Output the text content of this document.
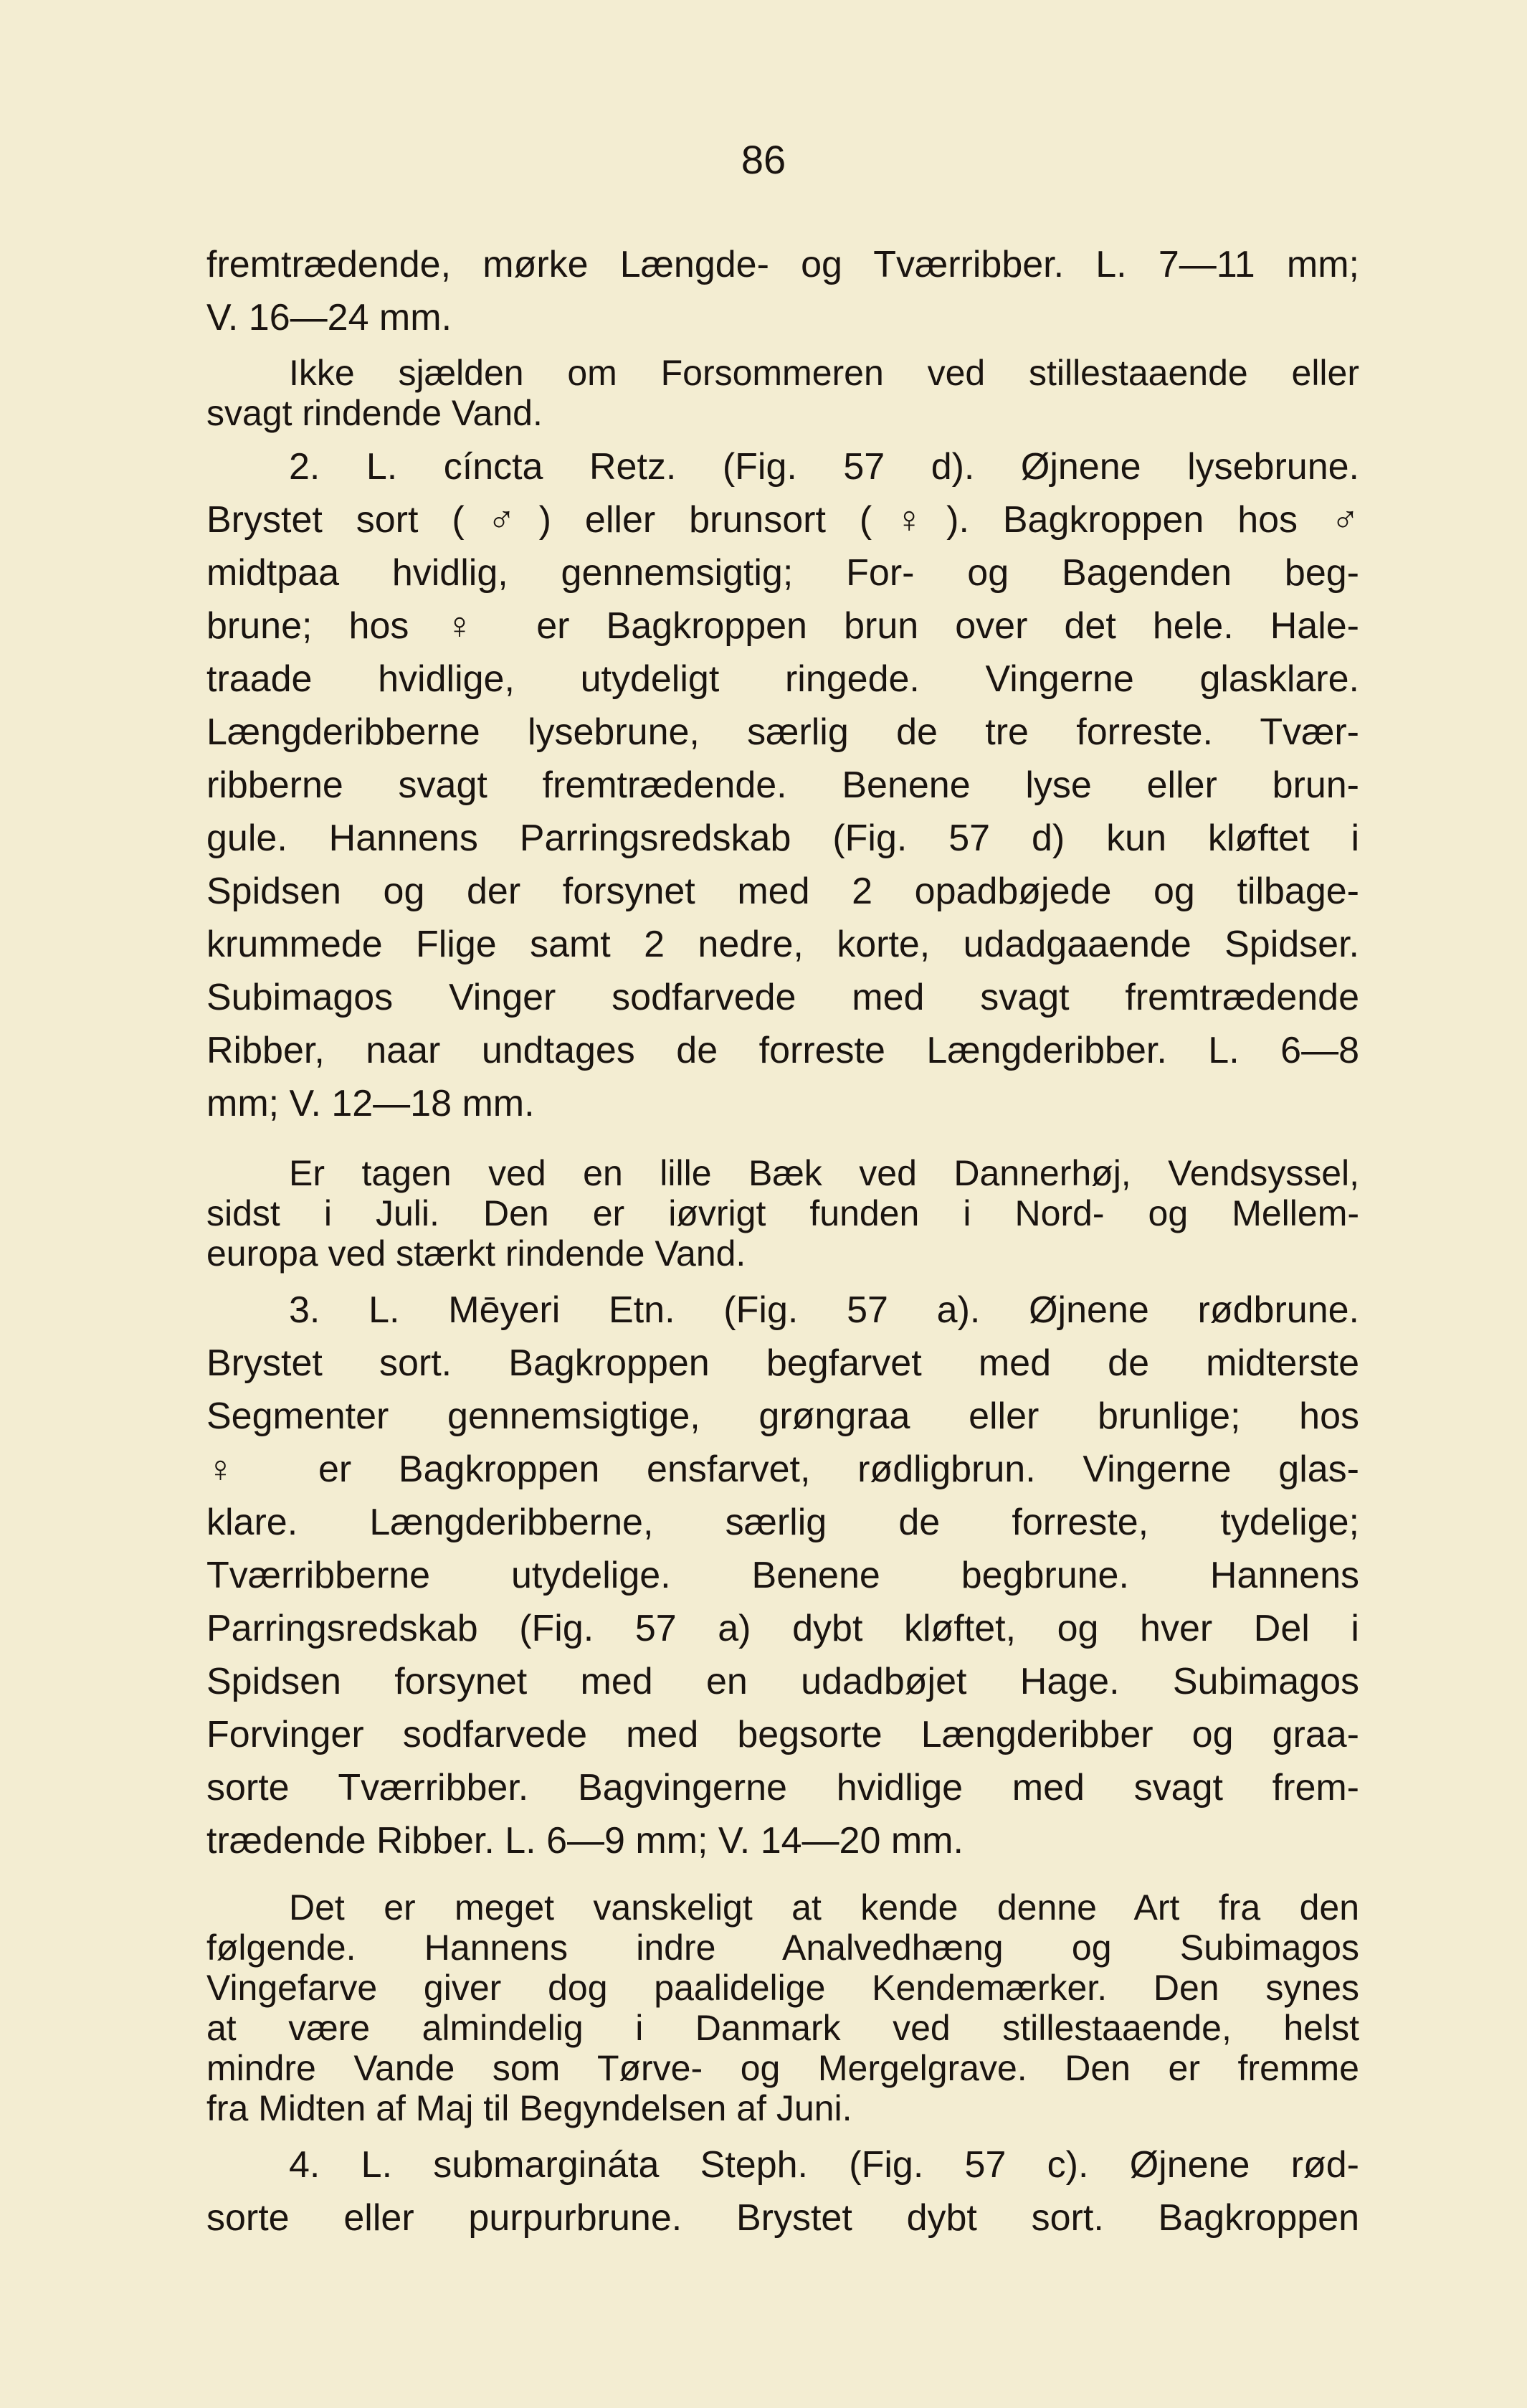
86
fremtrædende, mørke Længde- og Tværribber. L. 7—11 mm;
V. 16—24 mm.
Ikke sjælden om Forsommeren ved stillestaaende eller
svagt rindende Vand.
2. L. cíncta Retz. (Fig. 57 d). Øjnene lysebrune.
Brystet sort (♂) eller brunsort (♀). Bagkroppen hos ♂
midtpaa hvidlig, gennemsigtig; For- og Bagenden beg-
brune; hos ♀ er Bagkroppen brun over det hele. Hale-
traade hvidlige, utydeligt ringede. Vingerne glasklare.
Længderibberne lysebrune, særlig de tre forreste. Tvær-
ribberne svagt fremtrædende. Benene lyse eller brun-
gule. Hannens Parringsredskab (Fig. 57 d) kun kløftet i
Spidsen og der forsynet med 2 opadbøjede og tilbage-
krummede Flige samt 2 nedre, korte, udadgaaende Spidser.
Subimagos Vinger sodfarvede med svagt fremtrædende
Ribber, naar undtages de forreste Længderibber. L. 6—8
mm; V. 12—18 mm.
Er tagen ved en lille Bæk ved Dannerhøj, Vendsyssel,
sidst i Juli. Den er iøvrigt funden i Nord- og Mellem-
europa ved stærkt rindende Vand.
3. L. Mēyeri Etn. (Fig. 57 a). Øjnene rødbrune.
Brystet sort. Bagkroppen begfarvet med de midterste
Segmenter gennemsigtige, grøngraa eller brunlige; hos
♀ er Bagkroppen ensfarvet, rødligbrun. Vingerne glas-
klare. Længderibberne, særlig de forreste, tydelige;
Tværribberne utydelige. Benene begbrune. Hannens
Parringsredskab (Fig. 57 a) dybt kløftet, og hver Del i
Spidsen forsynet med en udadbøjet Hage. Subimagos
Forvinger sodfarvede med begsorte Længderibber og graa-
sorte Tværribber. Bagvingerne hvidlige med svagt frem-
trædende Ribber. L. 6—9 mm; V. 14—20 mm.
Det er meget vanskeligt at kende denne Art fra den
følgende. Hannens indre Analvedhæng og Subimagos
Vingefarve giver dog paalidelige Kendemærker. Den synes
at være almindelig i Danmark ved stillestaaende, helst
mindre Vande som Tørve- og Mergelgrave. Den er fremme
fra Midten af Maj til Begyndelsen af Juni.
4. L. submargináta Steph. (Fig. 57 c). Øjnene rød-
sorte eller purpurbrune. Brystet dybt sort. Bagkroppen
